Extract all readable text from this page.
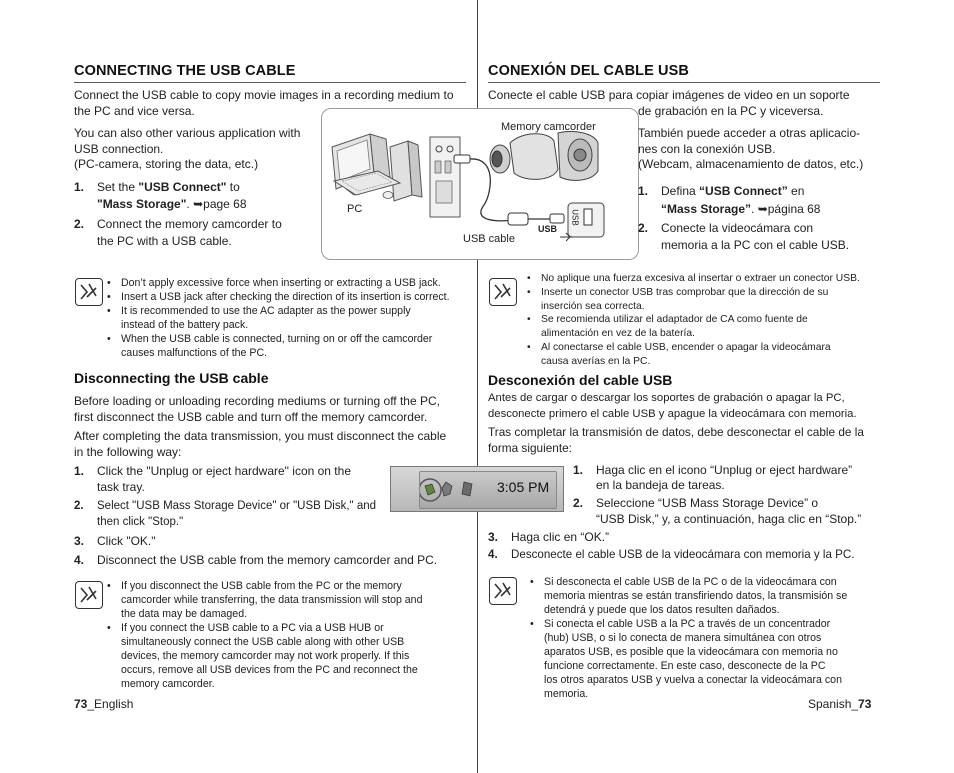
CONNECTING THE USB CABLE
Connect the USB cable to copy movie images in a recording medium to the PC and vice versa.
You can also other various application with
USB connection.
(PC-camera, storing the data, etc.)
1. Set the "USB Connect" to
"Mass Storage". ➥page 68
2. Connect the memory camcorder to
the PC with a USB cable.
Memory camcorder
PC
USB cable
USB
USB
• Don’t apply excessive force when inserting or extracting a USB jack.
• Insert a USB jack after checking the direction of its insertion is correct.
• It is recommended to use the AC adapter as the power supply
instead of the battery pack.
• When the USB cable is connected, turning on or off the camcorder
causes malfunctions of the PC.
Disconnecting the USB cable
Before loading or unloading recording mediums or turning off the PC,
first disconnect the USB cable and turn off the memory camcorder.
After completing the data transmission, you must disconnect the cable
in the following way:
1. Click the "Unplug or eject hardware" icon on the
task tray.
2. Select "USB Mass Storage Device" or "USB Disk," and
then click "Stop."
3. Click "OK."
4. Disconnect the USB cable from the memory camcorder and PC.
3:05 PM
• If you disconnect the USB cable from the PC or the memory
camcorder while transferring, the data transmission will stop and
the data may be damaged.
• If you connect the USB cable to a PC via a USB HUB or
simultaneously connect the USB cable along with other USB
devices, the memory camcorder may not work properly. If this
occurs, remove all USB devices from the PC and reconnect the
memory camcorder.
73_English
CONEXIÓN DEL CABLE USB
Conecte el cable USB para copiar imágenes de video en un soporte
de grabación en la PC y viceversa.
También puede acceder a otras aplicacio-
nes con la conexión USB.
(Webcam, almacenamiento de datos, etc.)
1. Defina “USB Connect” en
“Mass Storage”. ➥página 68
2. Conecte la videocámara con
memoria a la PC con el cable USB.
• No aplique una fuerza excesiva al insertar o extraer un conector USB.
• Inserte un conector USB tras comprobar que la dirección de su
inserción sea correcta.
• Se recomienda utilizar el adaptador de CA como fuente de
alimentación en vez de la batería.
• Al conectarse el cable USB, encender o apagar la videocámara
causa averías en la PC.
Desconexión del cable USB
Antes de cargar o descargar los soportes de grabación o apagar la PC,
desconecte primero el cable USB y apague la videocámara con memoria.
Tras completar la transmisión de datos, debe desconectar el cable de la
forma siguiente:
1. Haga clic en el icono “Unplug or eject hardware”
en la bandeja de tareas.
2. Seleccione “USB Mass Storage Device” o
“USB Disk,” y, a continuación, haga clic en “Stop.”
3. Haga clic en “OK.”
4. Desconecte el cable USB de la videocámara con memoria y la PC.
• Si desconecta el cable USB de la PC o de la videocámara con
memoria mientras se están transfiriendo datos, la transmisión se
detendrá y puede que los datos resulten dañados.
• Si conecta el cable USB a la PC a través de un concentrador
(hub) USB, o si lo conecta de manera simultánea con otros
aparatos USB, es posible que la videocámara con memoria no
funcione correctamente. En este caso, desconecte de la PC
los otros aparatos USB y vuelva a conectar la videocámara con
memoria.
Spanish_73
